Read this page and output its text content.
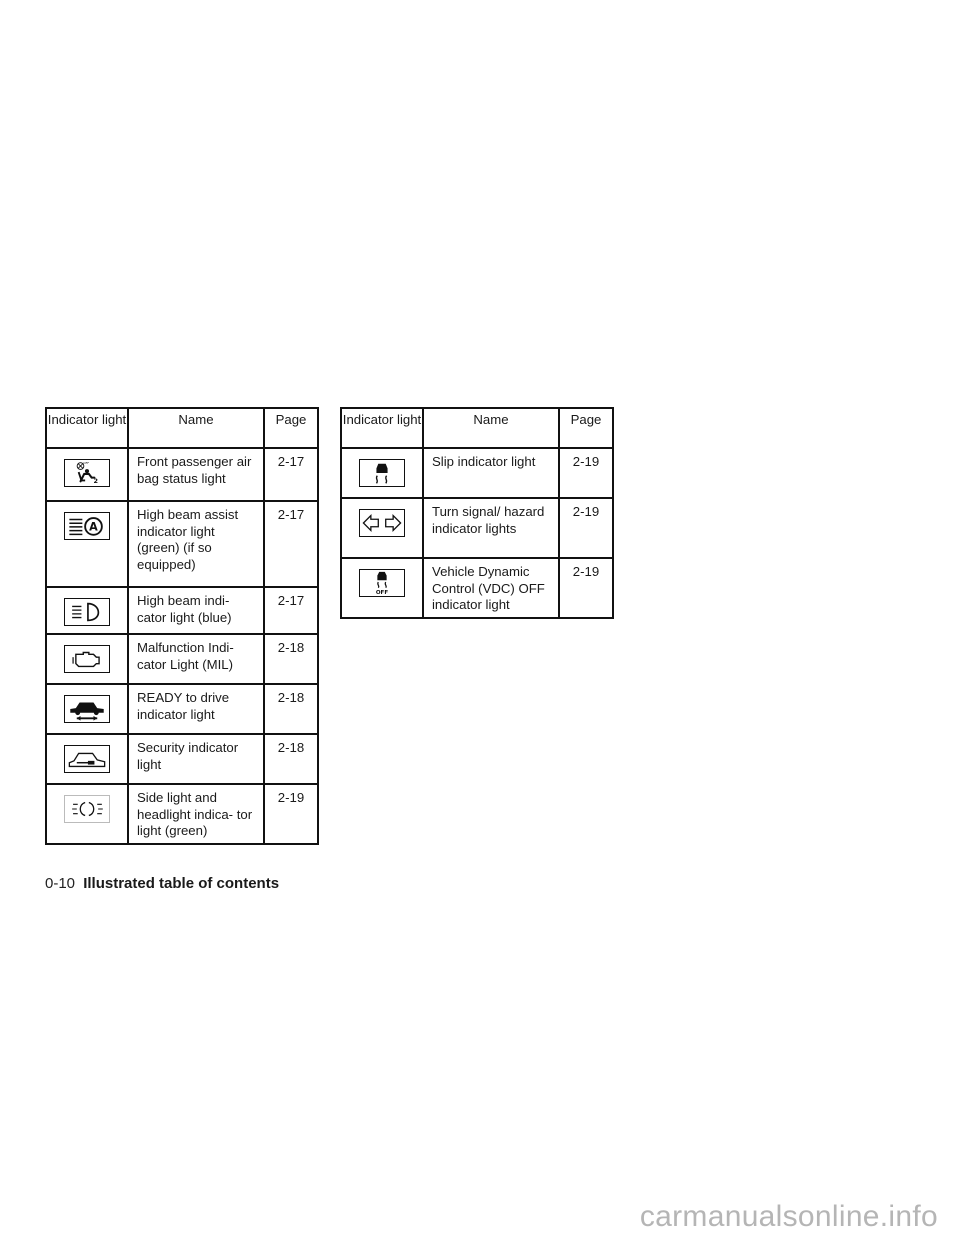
Indicator light	Name	Page

OFF
2	Front passenger air bag status light	2-17

A	High beam assist indicator light (green) (if so equipped)	2-17

	High beam indi- cator light (blue)	2-17

	Malfunction Indi- cator Light (MIL)	2-18

	READY to drive indicator light	2-18

	Security indicator light	2-18

	Side light and headlight indica- tor light (green)	2-19
Indicator light	Name	Page

	Slip indicator light	2-19

	Turn signal/ hazard indicator lights	2-19

OFF	Vehicle Dynamic Control (VDC) OFF indicator light	2-19
0-10 Illustrated table of contents
carmanualsonline.info
